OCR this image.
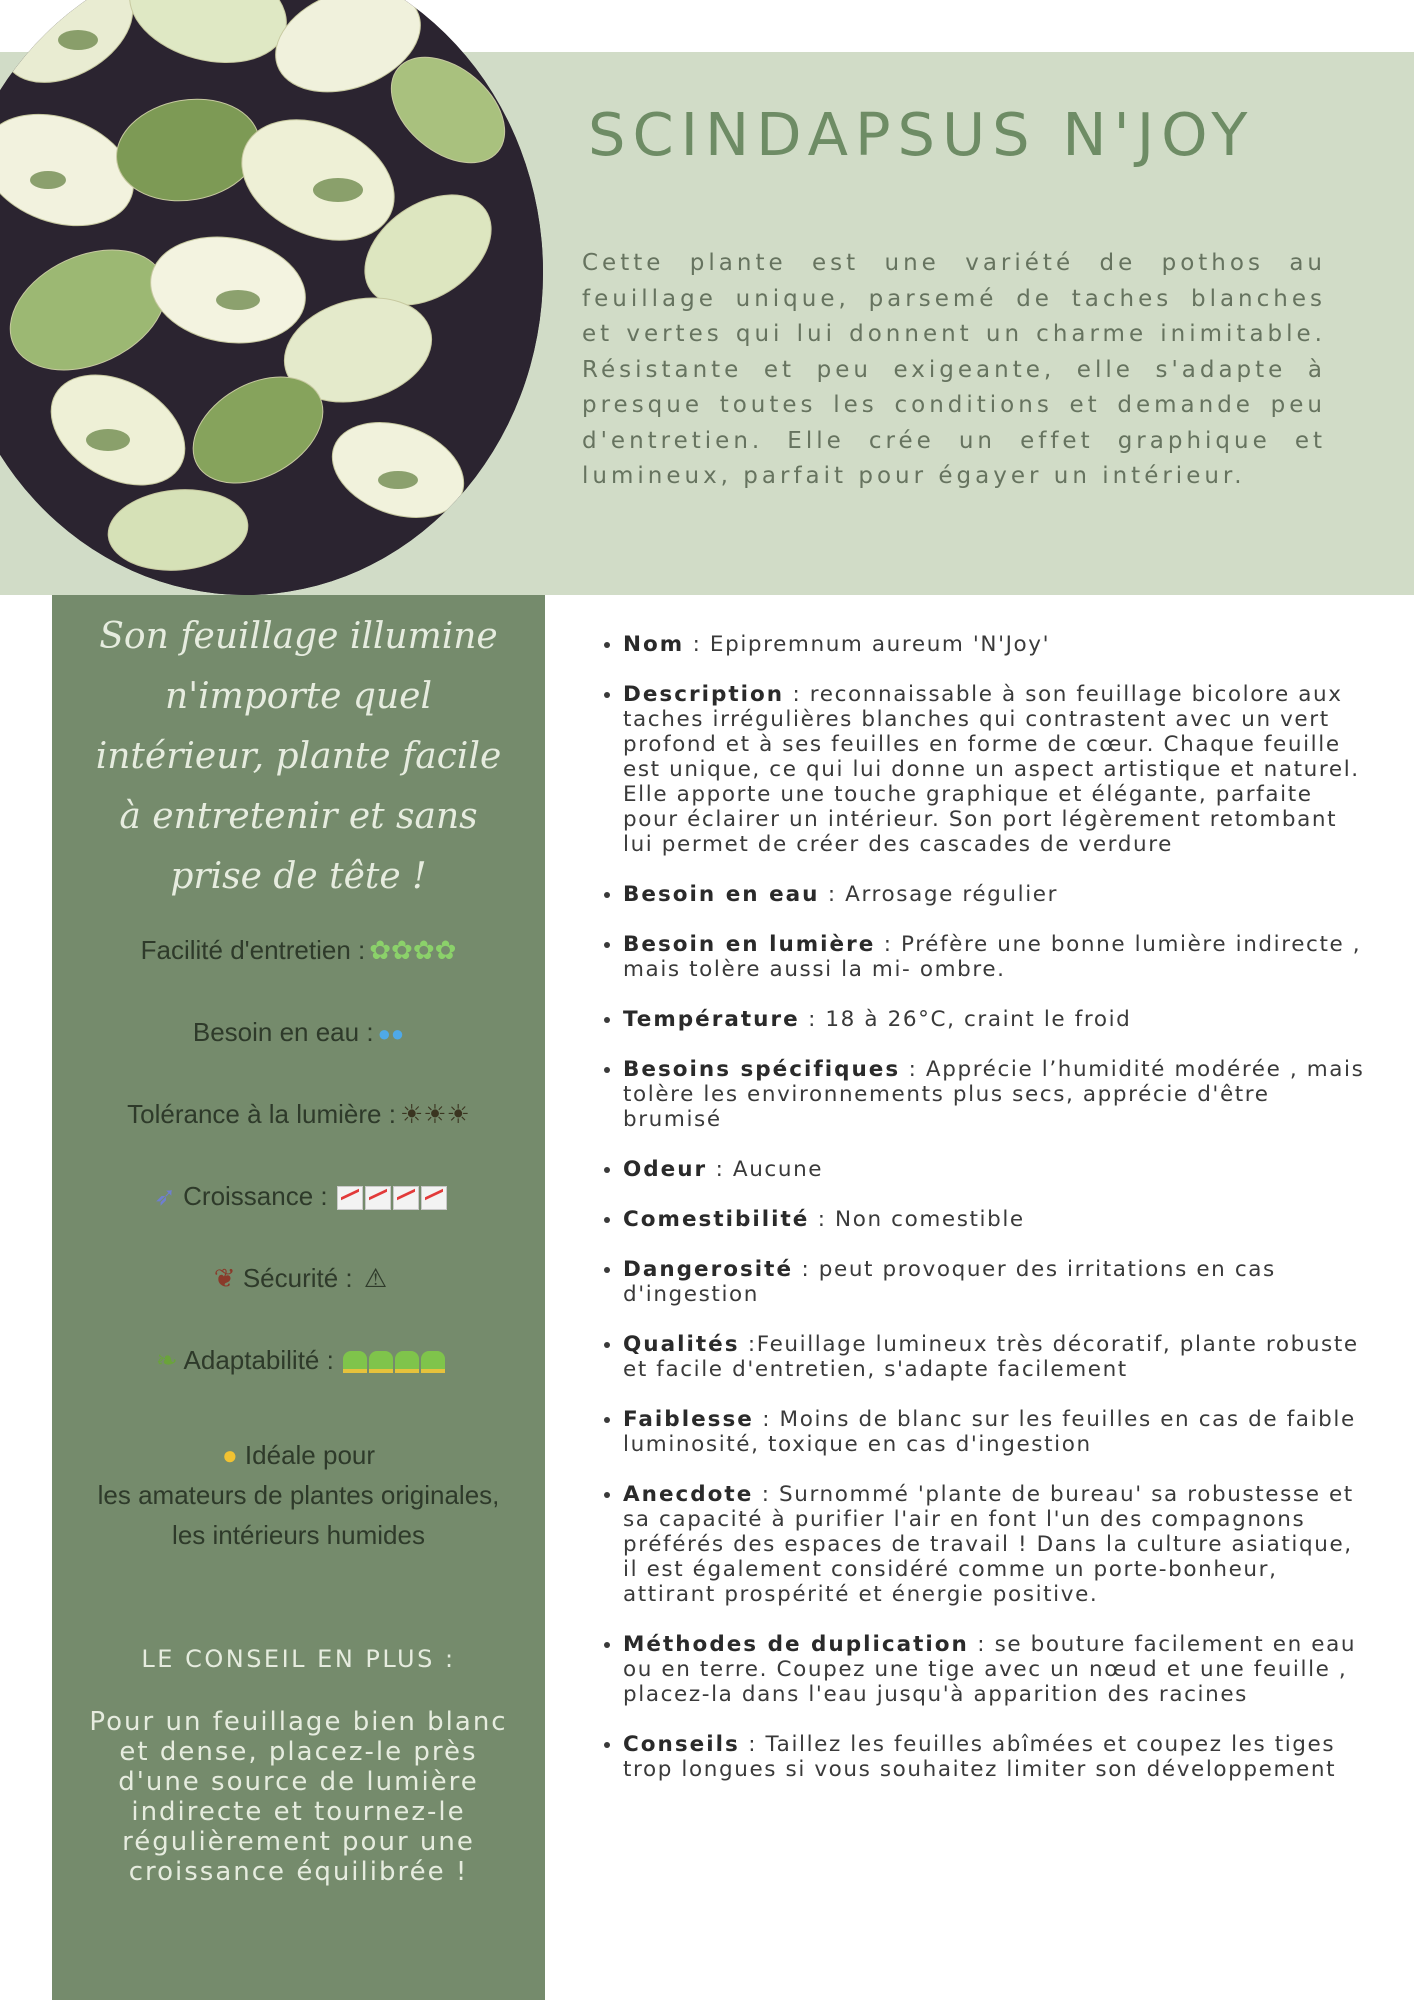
SCINDAPSUS N'JOY

Cette plante est une variété de pothos au feuillage unique, parsemé de taches blanches et vertes qui lui donnent un charme inimitable. Résistante et peu exigeante, elle s'adapte à presque toutes les conditions et demande peu d'entretien. Elle crée un effet graphique et lumineux, parfait pour égayer un intérieur.

Son feuillage illumine
n'importe quel
intérieur, plante facile
à entretenir et sans
prise de tête !

Facilité d'entretien : ✿✿✿✿

Besoin en eau : ●●

Tolérance à la lumière : ☀☀☀

➶ Croissance :

❦ Sécurité : ⚠

❧ Adaptabilité :

● Idéale pour
les amateurs de plantes originales,
les intérieurs humides

LE CONSEIL EN PLUS :

Pour un feuillage bien blanc et dense, placez-le près d'une source de lumière indirecte et tournez-le régulièrement pour une croissance équilibrée !

• Nom : Epipremnum aureum 'N'Joy'
• Description : reconnaissable à son feuillage bicolore aux taches irrégulières blanches qui contrastent avec un vert profond et à ses feuilles en forme de cœur. Chaque feuille est unique, ce qui lui donne un aspect artistique et naturel. Elle apporte une touche graphique et élégante, parfaite pour éclairer un intérieur. Son port légèrement retombant lui permet de créer des cascades de verdure
• Besoin en eau : Arrosage régulier
• Besoin en lumière : Préfère une bonne lumière indirecte , mais tolère aussi la mi- ombre.
• Température : 18 à 26°C, craint le froid
• Besoins spécifiques : Apprécie l’humidité modérée , mais tolère les environnements plus secs, apprécie d'être brumisé
• Odeur : Aucune
• Comestibilité : Non comestible
• Dangerosité : peut provoquer des irritations en cas d'ingestion
• Qualités :Feuillage lumineux très décoratif, plante robuste et facile d'entretien, s'adapte facilement
• Faiblesse : Moins de blanc sur les feuilles en cas de faible luminosité, toxique en cas d'ingestion
• Anecdote : Surnommé 'plante de bureau' sa robustesse et sa capacité à purifier l'air en font l'un des compagnons préférés des espaces de travail ! Dans la culture asiatique, il est également considéré comme un porte-bonheur, attirant prospérité et énergie positive.
• Méthodes de duplication : se bouture facilement en eau ou en terre. Coupez une tige avec un nœud et une feuille , placez-la dans l'eau jusqu'à apparition des racines
• Conseils : Taillez les feuilles abîmées et coupez les tiges trop longues si vous souhaitez limiter son développement
